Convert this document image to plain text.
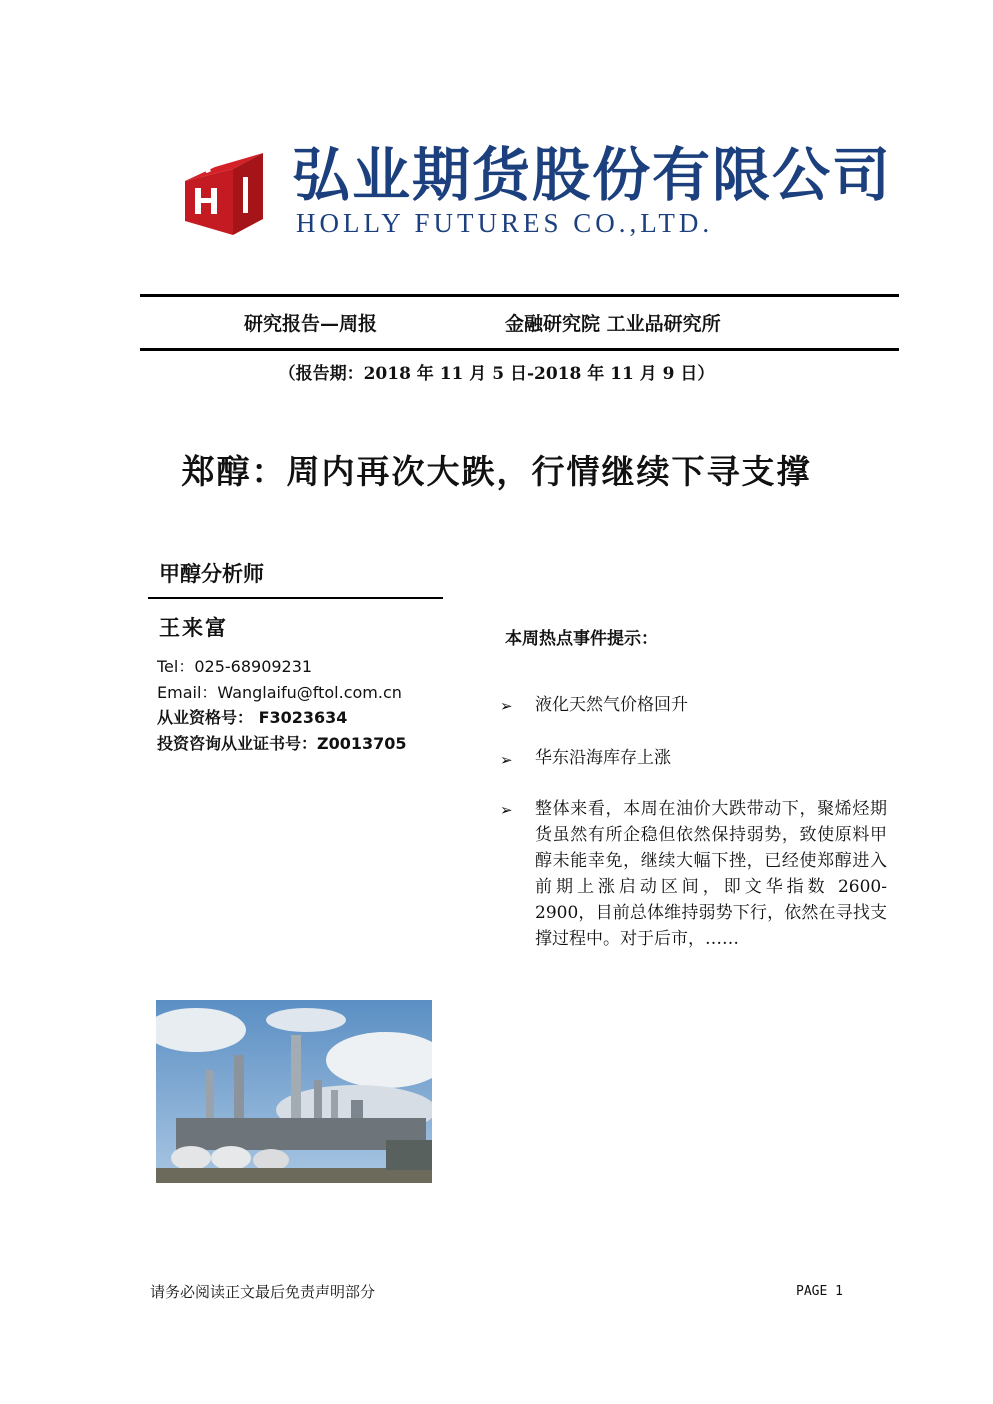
弘业期货股份有限公司
HOLLY FUTURES CO.,LTD.
研究报告—周报	金融研究院 工业品研究所
（报告期：2018 年 11 月 5 日-2018 年 11 月 9 日）
郑醇：周内再次大跌，行情继续下寻支撑
甲醇分析师
王来富
Tel：025-68909231
Email：Wanglaifu@ftol.com.cn
从业资格号： F3023634
投资咨询从业证书号：Z0013705
本周热点事件提示：
➢ 液化天然气价格回升
➢ 华东沿海库存上涨
➢ 整体来看，本周在油价大跌带动下，聚烯烃期货虽然有所企稳但依然保持弱势，致使原料甲醇未能幸免，继续大幅下挫，已经使郑醇进入前期上涨启动区间，即文华指数 2600-2900，目前总体维持弱势下行，依然在寻找支撑过程中。对于后市，……
请务必阅读正文最后免责声明部分	PAGE 1
